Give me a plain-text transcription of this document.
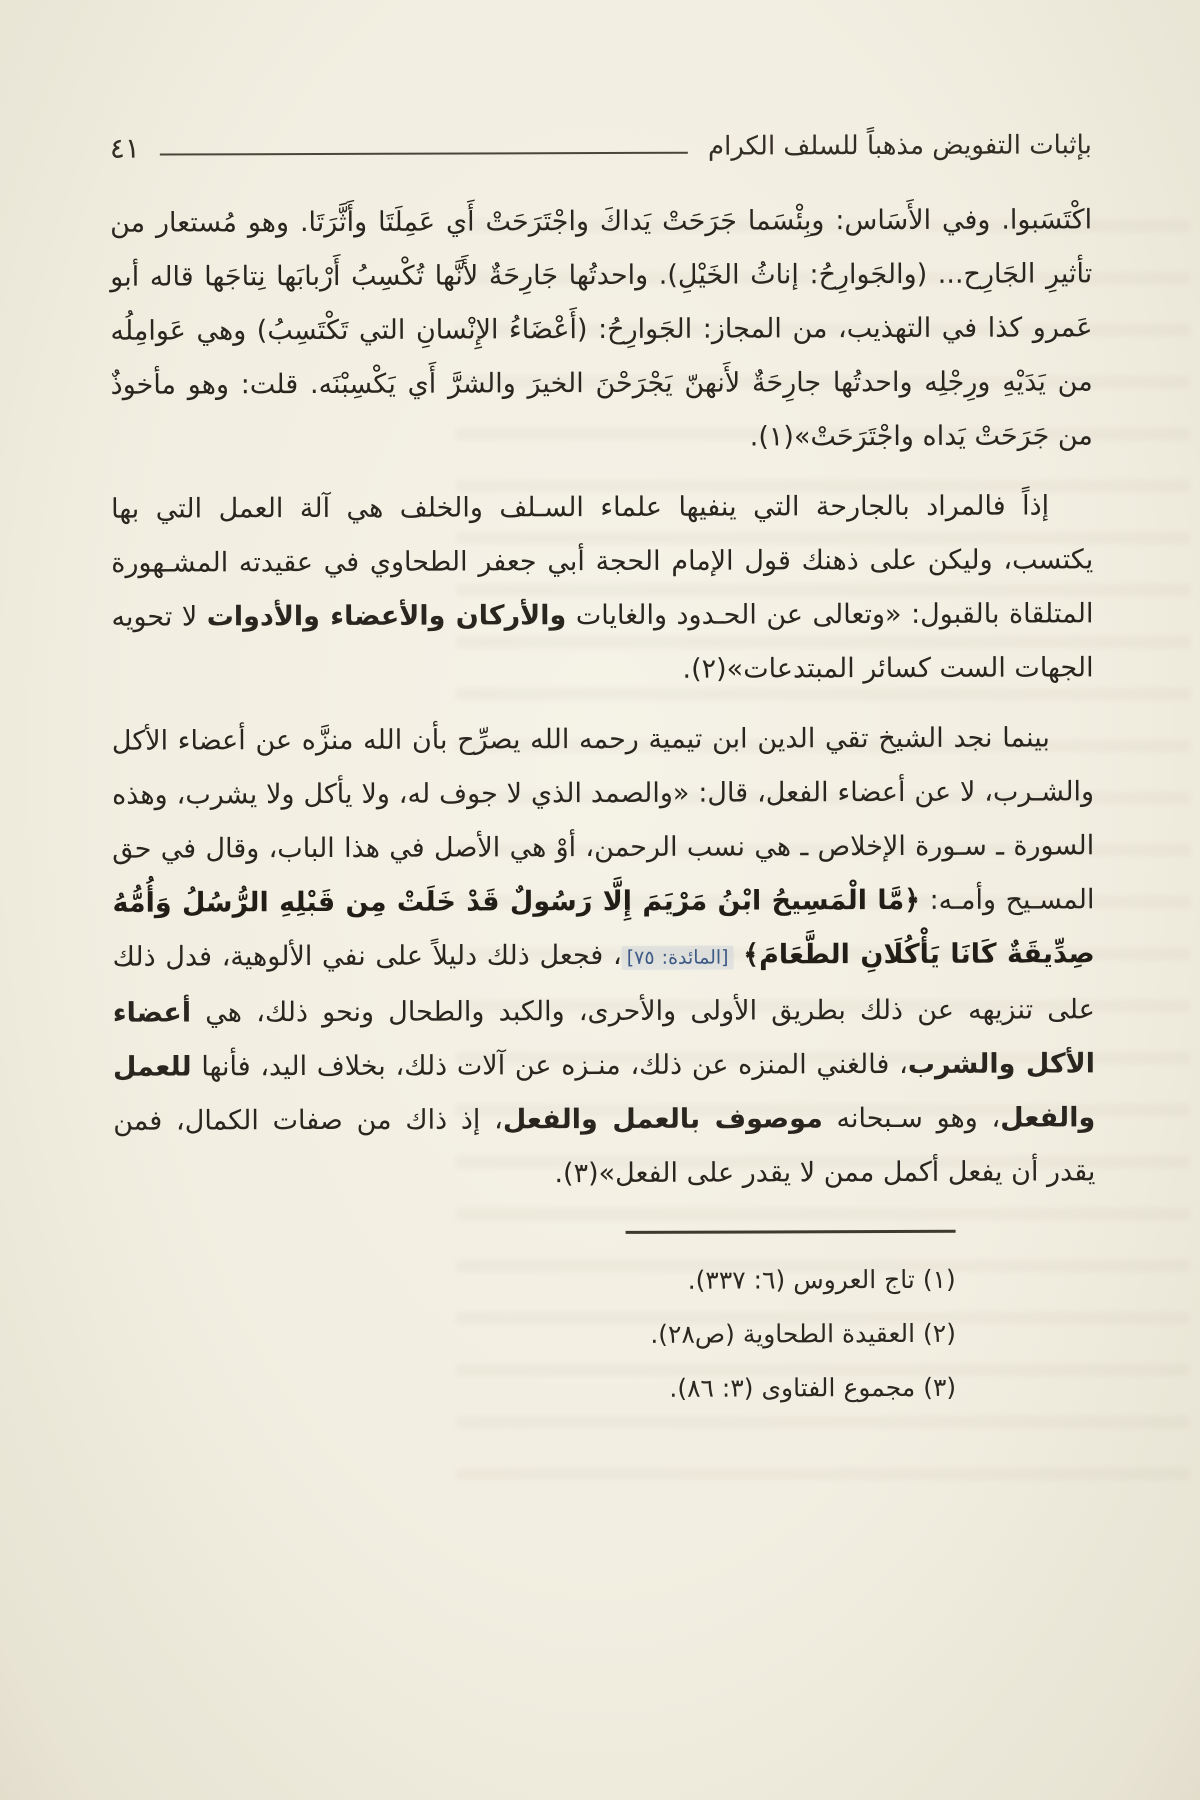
بإثبات التفويض مذهباً للسلف الكرام
٤١

اكْتَسَبوا. وفي الأَسَاس: وبِئْسَما جَرَحَتْ يَداكَ واجْتَرَحَتْ أَي عَمِلَتَا وأَثَّرَتَا. وهو مُستعار من تأثيرِ الجَارِح... (والجَوارِحُ: إناثُ الخَيْلِ). واحدتُها جَارِحَةٌ لأَنَّها تُكْسِبُ أَرْبابَها نِتاجَها قاله أبو عَمرو كذا في التهذيب، من المجاز: الجَوارِحُ: (أَعْضَاءُ الإِنْسانِ التي تَكْتَسِبُ) وهي عَوامِلُه من يَدَيْهِ ورِجْلِه واحدتُها جارِحَةٌ لأَنهنّ يَجْرَحْنَ الخيرَ والشرَّ أَي يَكْسِبْنَه. قلت: وهو مأخوذٌ من جَرَحَتْ يَداه واجْتَرَحَتْ»(١).

إذاً فالمراد بالجارحة التي ينفيها علماء السـلف والخلف هي آلة العمل التي بها يكتسب، وليكن على ذهنك قول الإمام الحجة أبي جعفر الطحاوي في عقيدته المشـهورة المتلقاة بالقبول: «وتعالى عن الحـدود والغايات والأركان والأعضاء والأدوات لا تحويه الجهات الست كسائر المبتدعات»(٢).

بينما نجد الشيخ تقي الدين ابن تيمية رحمه الله يصرِّح بأن الله منزَّه عن أعضاء الأكل والشـرب، لا عن أعضاء الفعل، قال: «والصمد الذي لا جوف له، ولا يأكل ولا يشرب، وهذه السورة ـ سـورة الإخلاص ـ هي نسب الرحمن، أوْ هي الأصل في هذا الباب، وقال في حق المسـيح وأمـه: ﴿مَّا الْمَسِيحُ ابْنُ مَرْيَمَ إِلَّا رَسُولٌ قَدْ خَلَتْ مِن قَبْلِهِ الرُّسُلُ وَأُمُّهُ صِدِّيقَةٌ كَانَا يَأْكُلَانِ الطَّعَامَ﴾ [المائدة: ٧٥]، فجعل ذلك دليلاً على نفي الألوهية، فدل ذلك على تنزيهه عن ذلك بطريق الأولى والأحرى، والكبد والطحال ونحو ذلك، هي أعضاء الأكل والشرب، فالغني المنزه عن ذلك، منـزه عن آلات ذلك، بخلاف اليد، فأنها للعمل والفعل، وهو سـبحانه موصوف بالعمل والفعل، إذ ذاك من صفات الكمال، فمن يقدر أن يفعل أكمل ممن لا يقدر على الفعل»(٣).

(١) تاج العروس (٦: ٣٣٧).

(٢) العقيدة الطحاوية (ص٢٨).

(٣) مجموع الفتاوى (٣: ٨٦).
